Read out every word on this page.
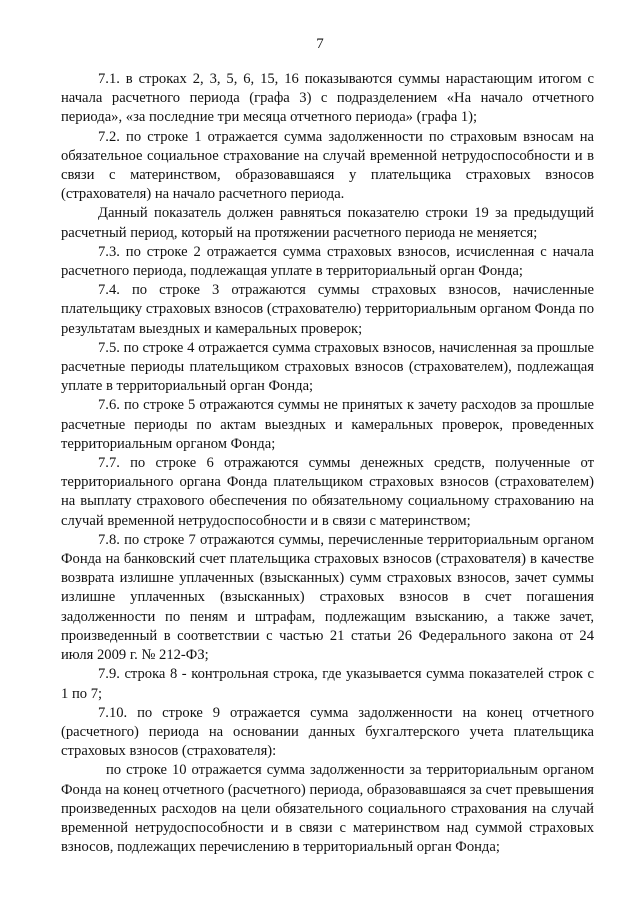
7

7.1. в строках 2, 3, 5, 6, 15, 16 показываются суммы нарастающим итогом с начала расчетного периода (графа 3) с подразделением «На начало отчетного периода», «за последние три месяца отчетного периода» (графа 1);

7.2. по строке 1 отражается сумма задолженности по страховым взносам на обязательное социальное страхование на случай временной нетрудоспособности и в связи с материнством, образовавшаяся у плательщика страховых взносов (страхователя) на начало расчетного периода.

Данный показатель должен равняться показателю строки 19 за предыдущий расчетный период, который на протяжении расчетного периода не меняется;

7.3. по строке 2 отражается сумма страховых взносов, исчисленная с начала расчетного периода, подлежащая уплате в территориальный орган Фонда;

7.4. по строке 3 отражаются суммы страховых взносов, начисленные плательщику страховых взносов (страхователю) территориальным органом Фонда по результатам выездных и камеральных проверок;

7.5. по строке 4 отражается сумма страховых взносов, начисленная за прошлые расчетные периоды плательщиком страховых взносов (страхователем), подлежащая уплате в территориальный орган Фонда;

7.6. по строке 5 отражаются суммы не принятых к зачету расходов за прошлые расчетные периоды по актам выездных и камеральных проверок, проведенных территориальным органом Фонда;

7.7. по строке 6 отражаются суммы денежных средств, полученные от территориального органа Фонда плательщиком страховых взносов (страхователем) на выплату страхового обеспечения по обязательному социальному страхованию на случай временной нетрудоспособности и в связи с материнством;

7.8. по строке 7 отражаются суммы, перечисленные территориальным органом Фонда на банковский счет плательщика страховых взносов (страхователя) в качестве возврата излишне уплаченных (взысканных) сумм страховых взносов, зачет суммы излишне уплаченных (взысканных) страховых взносов в счет погашения задолженности по пеням и штрафам, подлежащим взысканию, а также зачет, произведенный в соответствии с частью 21 статьи 26 Федерального закона от 24 июля 2009 г. № 212-ФЗ;

7.9. строка 8 - контрольная строка, где указывается сумма показателей строк с 1 по 7;

7.10. по строке 9 отражается сумма задолженности на конец отчетного (расчетного) периода на основании данных бухгалтерского учета плательщика страховых взносов (страхователя):

по строке 10 отражается сумма задолженности за территориальным органом Фонда на конец отчетного (расчетного) периода, образовавшаяся за счет превышения произведенных расходов на цели обязательного социального страхования на случай временной нетрудоспособности и в связи с материнством над суммой страховых взносов, подлежащих перечислению в территориальный орган Фонда;
